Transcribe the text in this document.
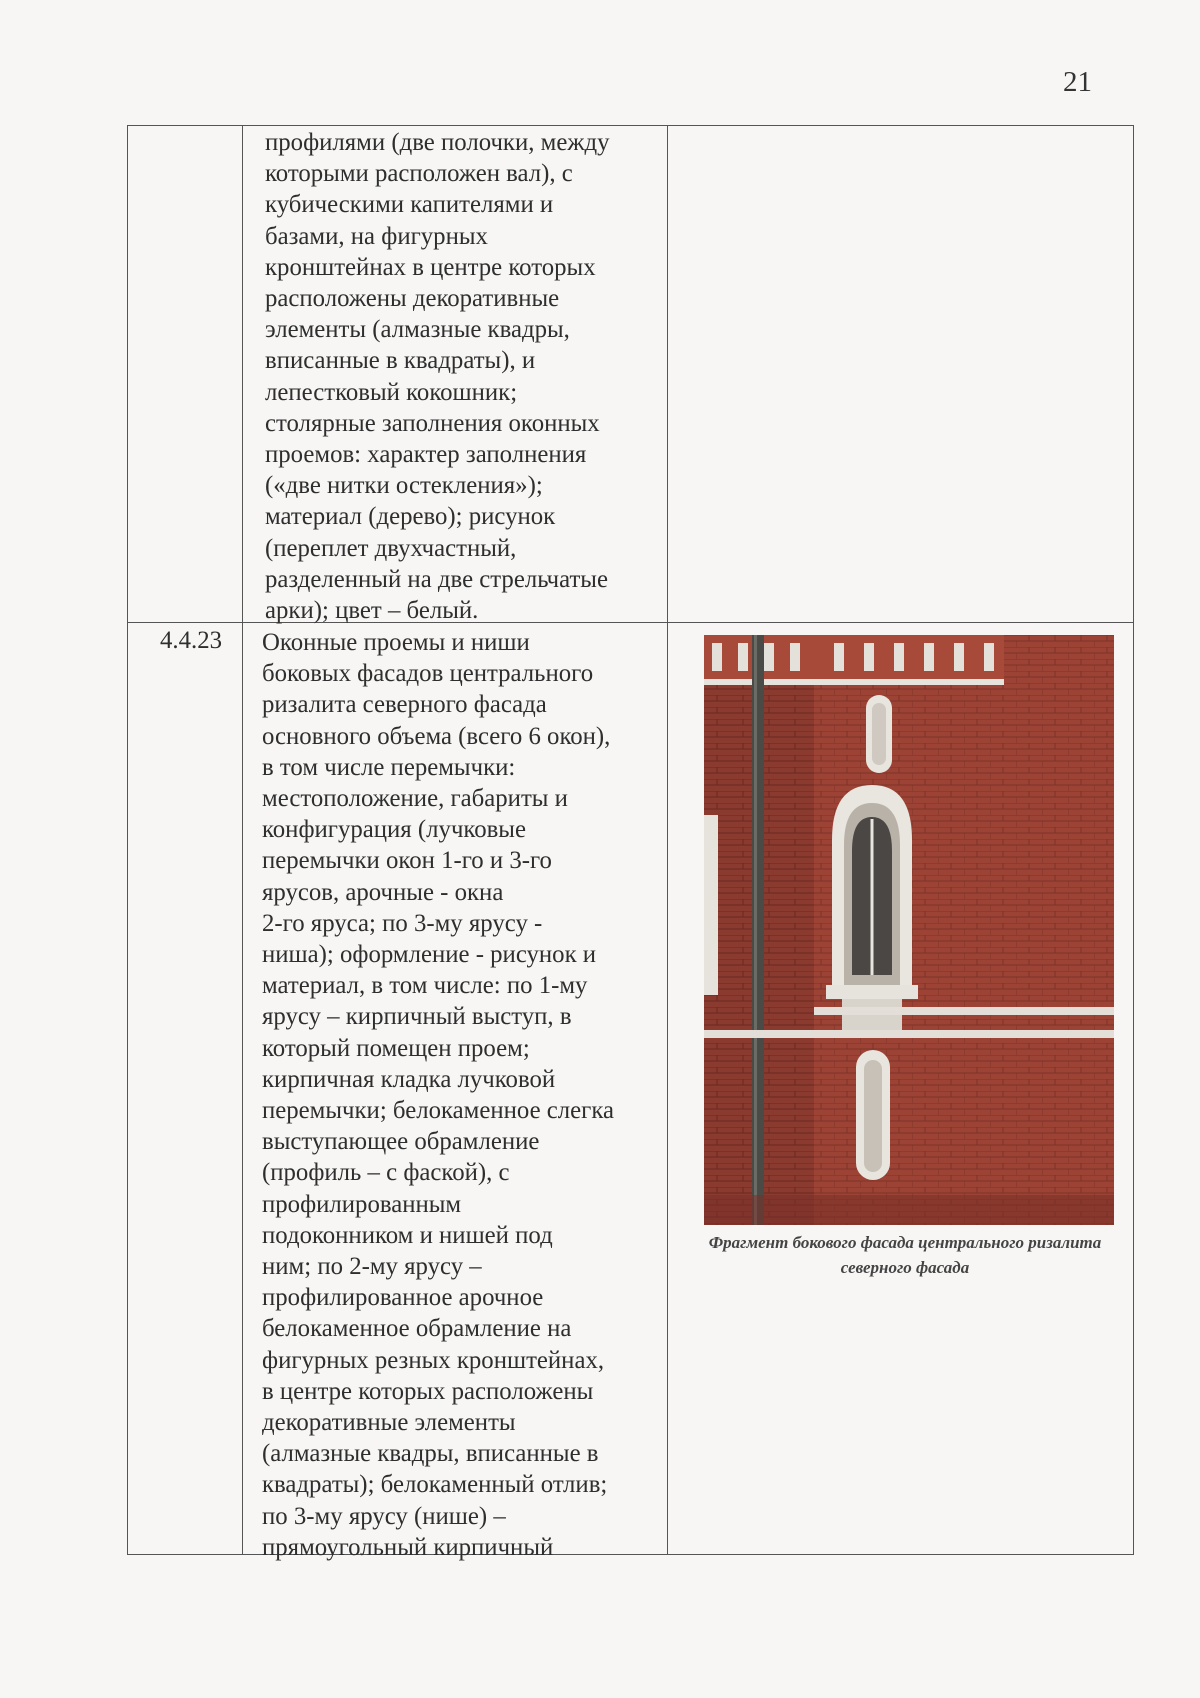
21
профилями (две полочки, между
которыми расположен вал), с
кубическими капителями и
базами, на фигурных
кронштейнах в центре которых
расположены декоративные
элементы (алмазные квадры,
вписанные в квадраты), и
лепестковый кокошник;
столярные заполнения оконных
проемов: характер заполнения
(«две нитки остекления»);
материал (дерево); рисунок
(переплет двухчастный,
разделенный на две стрельчатые
арки); цвет – белый.
4.4.23 Оконные проемы и ниши
боковых фасадов центрального
ризалита северного фасада
основного объема (всего 6 окон),
в том числе перемычки:
местоположение, габариты и
конфигурация (лучковые
перемычки окон 1-го и 3-го
ярусов, арочные - окна
2-го яруса; по 3-му ярусу -
ниша); оформление - рисунок и
материал, в том числе: по 1-му
ярусу – кирпичный выступ, в
который помещен проем;
кирпичная кладка лучковой
перемычки; белокаменное слегка
выступающее обрамление
(профиль – с фаской), с
профилированным
подоконником и нишей под
ним; по 2-му ярусу –
профилированное арочное
белокаменное обрамление на
фигурных резных кронштейнах,
в центре которых расположены
декоративные элементы
(алмазные квадры, вписанные в
квадраты); белокаменный отлив;
по 3-му ярусу (нише) –
прямоугольный кирпичный
Фрагмент бокового фасада центрального ризалита
северного фасада
